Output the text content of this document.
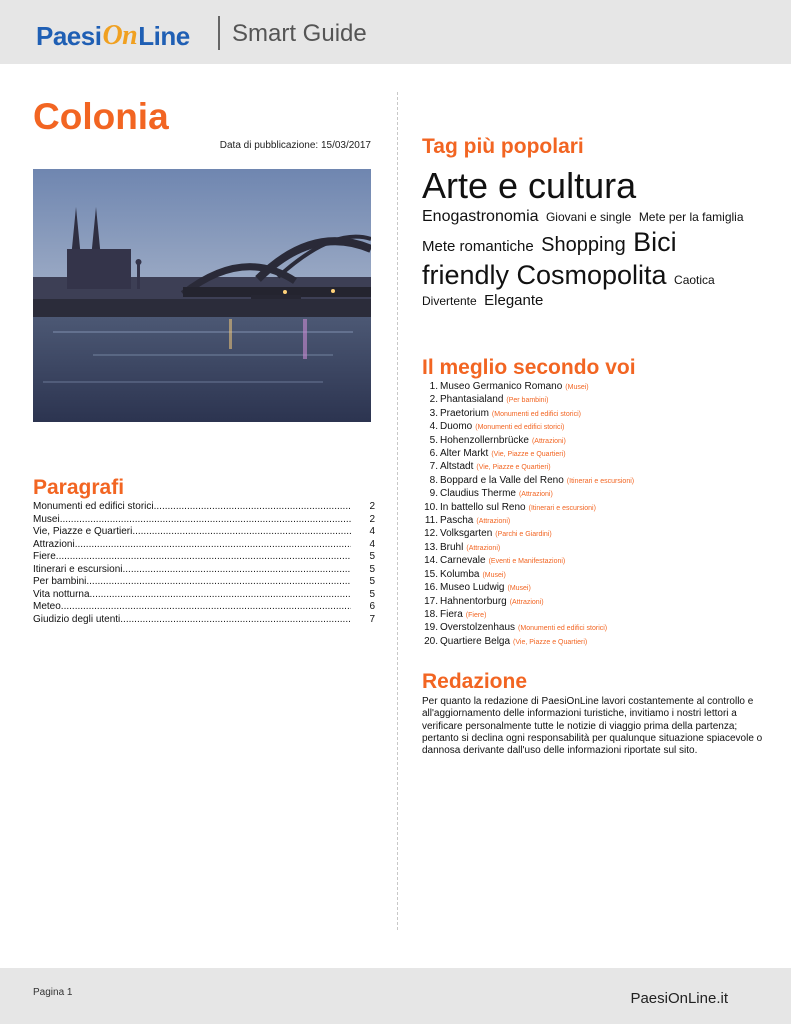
Paesi On Line Smart Guide
Colonia
Data di pubblicazione: 15/03/2017
Paragrafi
Monumenti ed edifici storici .....	2
Musei .....	2
Vie, Piazze e Quartieri .....	4
Attrazioni .....	4
Fiere .....	5
Itinerari e escursioni .....	5
Per bambini .....	5
Vita notturna .....	5
Meteo .....	6
Giudizio degli utenti .....	7
Tag più popolari
Arte e cultura
Enogastronomia Giovani e single Mete per la famiglia Mete romantiche Shopping Bici friendly Cosmopolita Caotica Divertente Elegante
Il meglio secondo voi
1. Museo Germanico Romano (Musei)
2. Phantasialand (Per bambini)
3. Praetorium (Monumenti ed edifici storici)
4. Duomo (Monumenti ed edifici storici)
5. Hohenzollernbrücke (Attrazioni)
6. Alter Markt (Vie, Piazze e Quartieri)
7. Altstadt (Vie, Piazze e Quartieri)
8. Boppard e la Valle del Reno (Itinerari e escursioni)
9. Claudius Therme (Attrazioni)
10. In battello sul Reno (Itinerari e escursioni)
11. Pascha (Attrazioni)
12. Volksgarten (Parchi e Giardini)
13. Bruhl (Attrazioni)
14. Carnevale (Eventi e Manifestazioni)
15. Kolumba (Musei)
16. Museo Ludwig (Musei)
17. Hahnentorburg (Attrazioni)
18. Fiera (Fiere)
19. Overstolzenhaus (Monumenti ed edifici storici)
20. Quartiere Belga (Vie, Piazze e Quartieri)
Redazione
Per quanto la redazione di PaesiOnLine lavori costantemente al controllo e all'aggiornamento delle informazioni turistiche, invitiamo i nostri lettori a verificare personalmente tutte le notizie di viaggio prima della partenza; pertanto si declina ogni responsabilità per qualunque situazione spiacevole o dannosa derivante dall'uso delle informazioni riportate sul sito.
Pagina 1	PaesiOnLine.it
